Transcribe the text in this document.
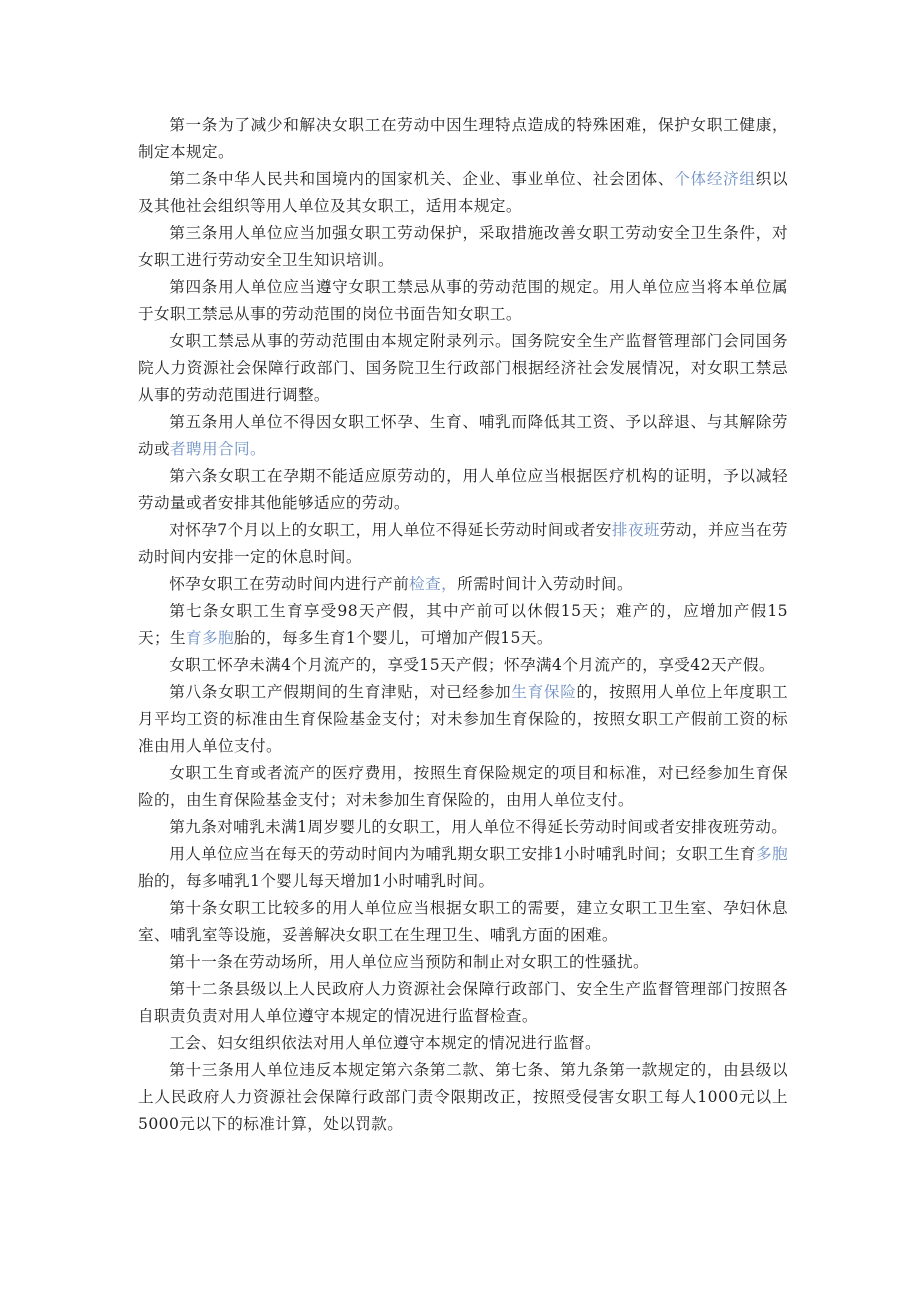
第一条为了减少和解决女职工在劳动中因生理特点造成的特殊困难，保护女职工健康，制定本规定。

第二条中华人民共和国境内的国家机关、企业、事业单位、社会团体、个体经济组织以及其他社会组织等用人单位及其女职工，适用本规定。

第三条用人单位应当加强女职工劳动保护，采取措施改善女职工劳动安全卫生条件，对女职工进行劳动安全卫生知识培训。

第四条用人单位应当遵守女职工禁忌从事的劳动范围的规定。用人单位应当将本单位属于女职工禁忌从事的劳动范围的岗位书面告知女职工。

女职工禁忌从事的劳动范围由本规定附录列示。国务院安全生产监督管理部门会同国务院人力资源社会保障行政部门、国务院卫生行政部门根据经济社会发展情况，对女职工禁忌从事的劳动范围进行调整。

第五条用人单位不得因女职工怀孕、生育、哺乳而降低其工资、予以辞退、与其解除劳动或者聘用合同。

第六条女职工在孕期不能适应原劳动的，用人单位应当根据医疗机构的证明，予以减轻劳动量或者安排其他能够适应的劳动。

对怀孕7个月以上的女职工，用人单位不得延长劳动时间或者安排夜班劳动，并应当在劳动时间内安排一定的休息时间。

怀孕女职工在劳动时间内进行产前检查，所需时间计入劳动时间。

第七条女职工生育享受98天产假，其中产前可以休假15天；难产的，应增加产假15天；生育多胞胎的，每多生育1个婴儿，可增加产假15天。

女职工怀孕未满4个月流产的，享受15天产假；怀孕满4个月流产的，享受42天产假。

第八条女职工产假期间的生育津贴，对已经参加生育保险的，按照用人单位上年度职工月平均工资的标准由生育保险基金支付；对未参加生育保险的，按照女职工产假前工资的标准由用人单位支付。

女职工生育或者流产的医疗费用，按照生育保险规定的项目和标准，对已经参加生育保险的，由生育保险基金支付；对未参加生育保险的，由用人单位支付。

第九条对哺乳未满1周岁婴儿的女职工，用人单位不得延长劳动时间或者安排夜班劳动。

用人单位应当在每天的劳动时间内为哺乳期女职工安排1小时哺乳时间；女职工生育多胞胎的，每多哺乳1个婴儿每天增加1小时哺乳时间。

第十条女职工比较多的用人单位应当根据女职工的需要，建立女职工卫生室、孕妇休息室、哺乳室等设施，妥善解决女职工在生理卫生、哺乳方面的困难。

第十一条在劳动场所，用人单位应当预防和制止对女职工的性骚扰。

第十二条县级以上人民政府人力资源社会保障行政部门、安全生产监督管理部门按照各自职责负责对用人单位遵守本规定的情况进行监督检查。

工会、妇女组织依法对用人单位遵守本规定的情况进行监督。

第十三条用人单位违反本规定第六条第二款、第七条、第九条第一款规定的，由县级以上人民政府人力资源社会保障行政部门责令限期改正，按照受侵害女职工每人1000元以上5000元以下的标准计算，处以罚款。
